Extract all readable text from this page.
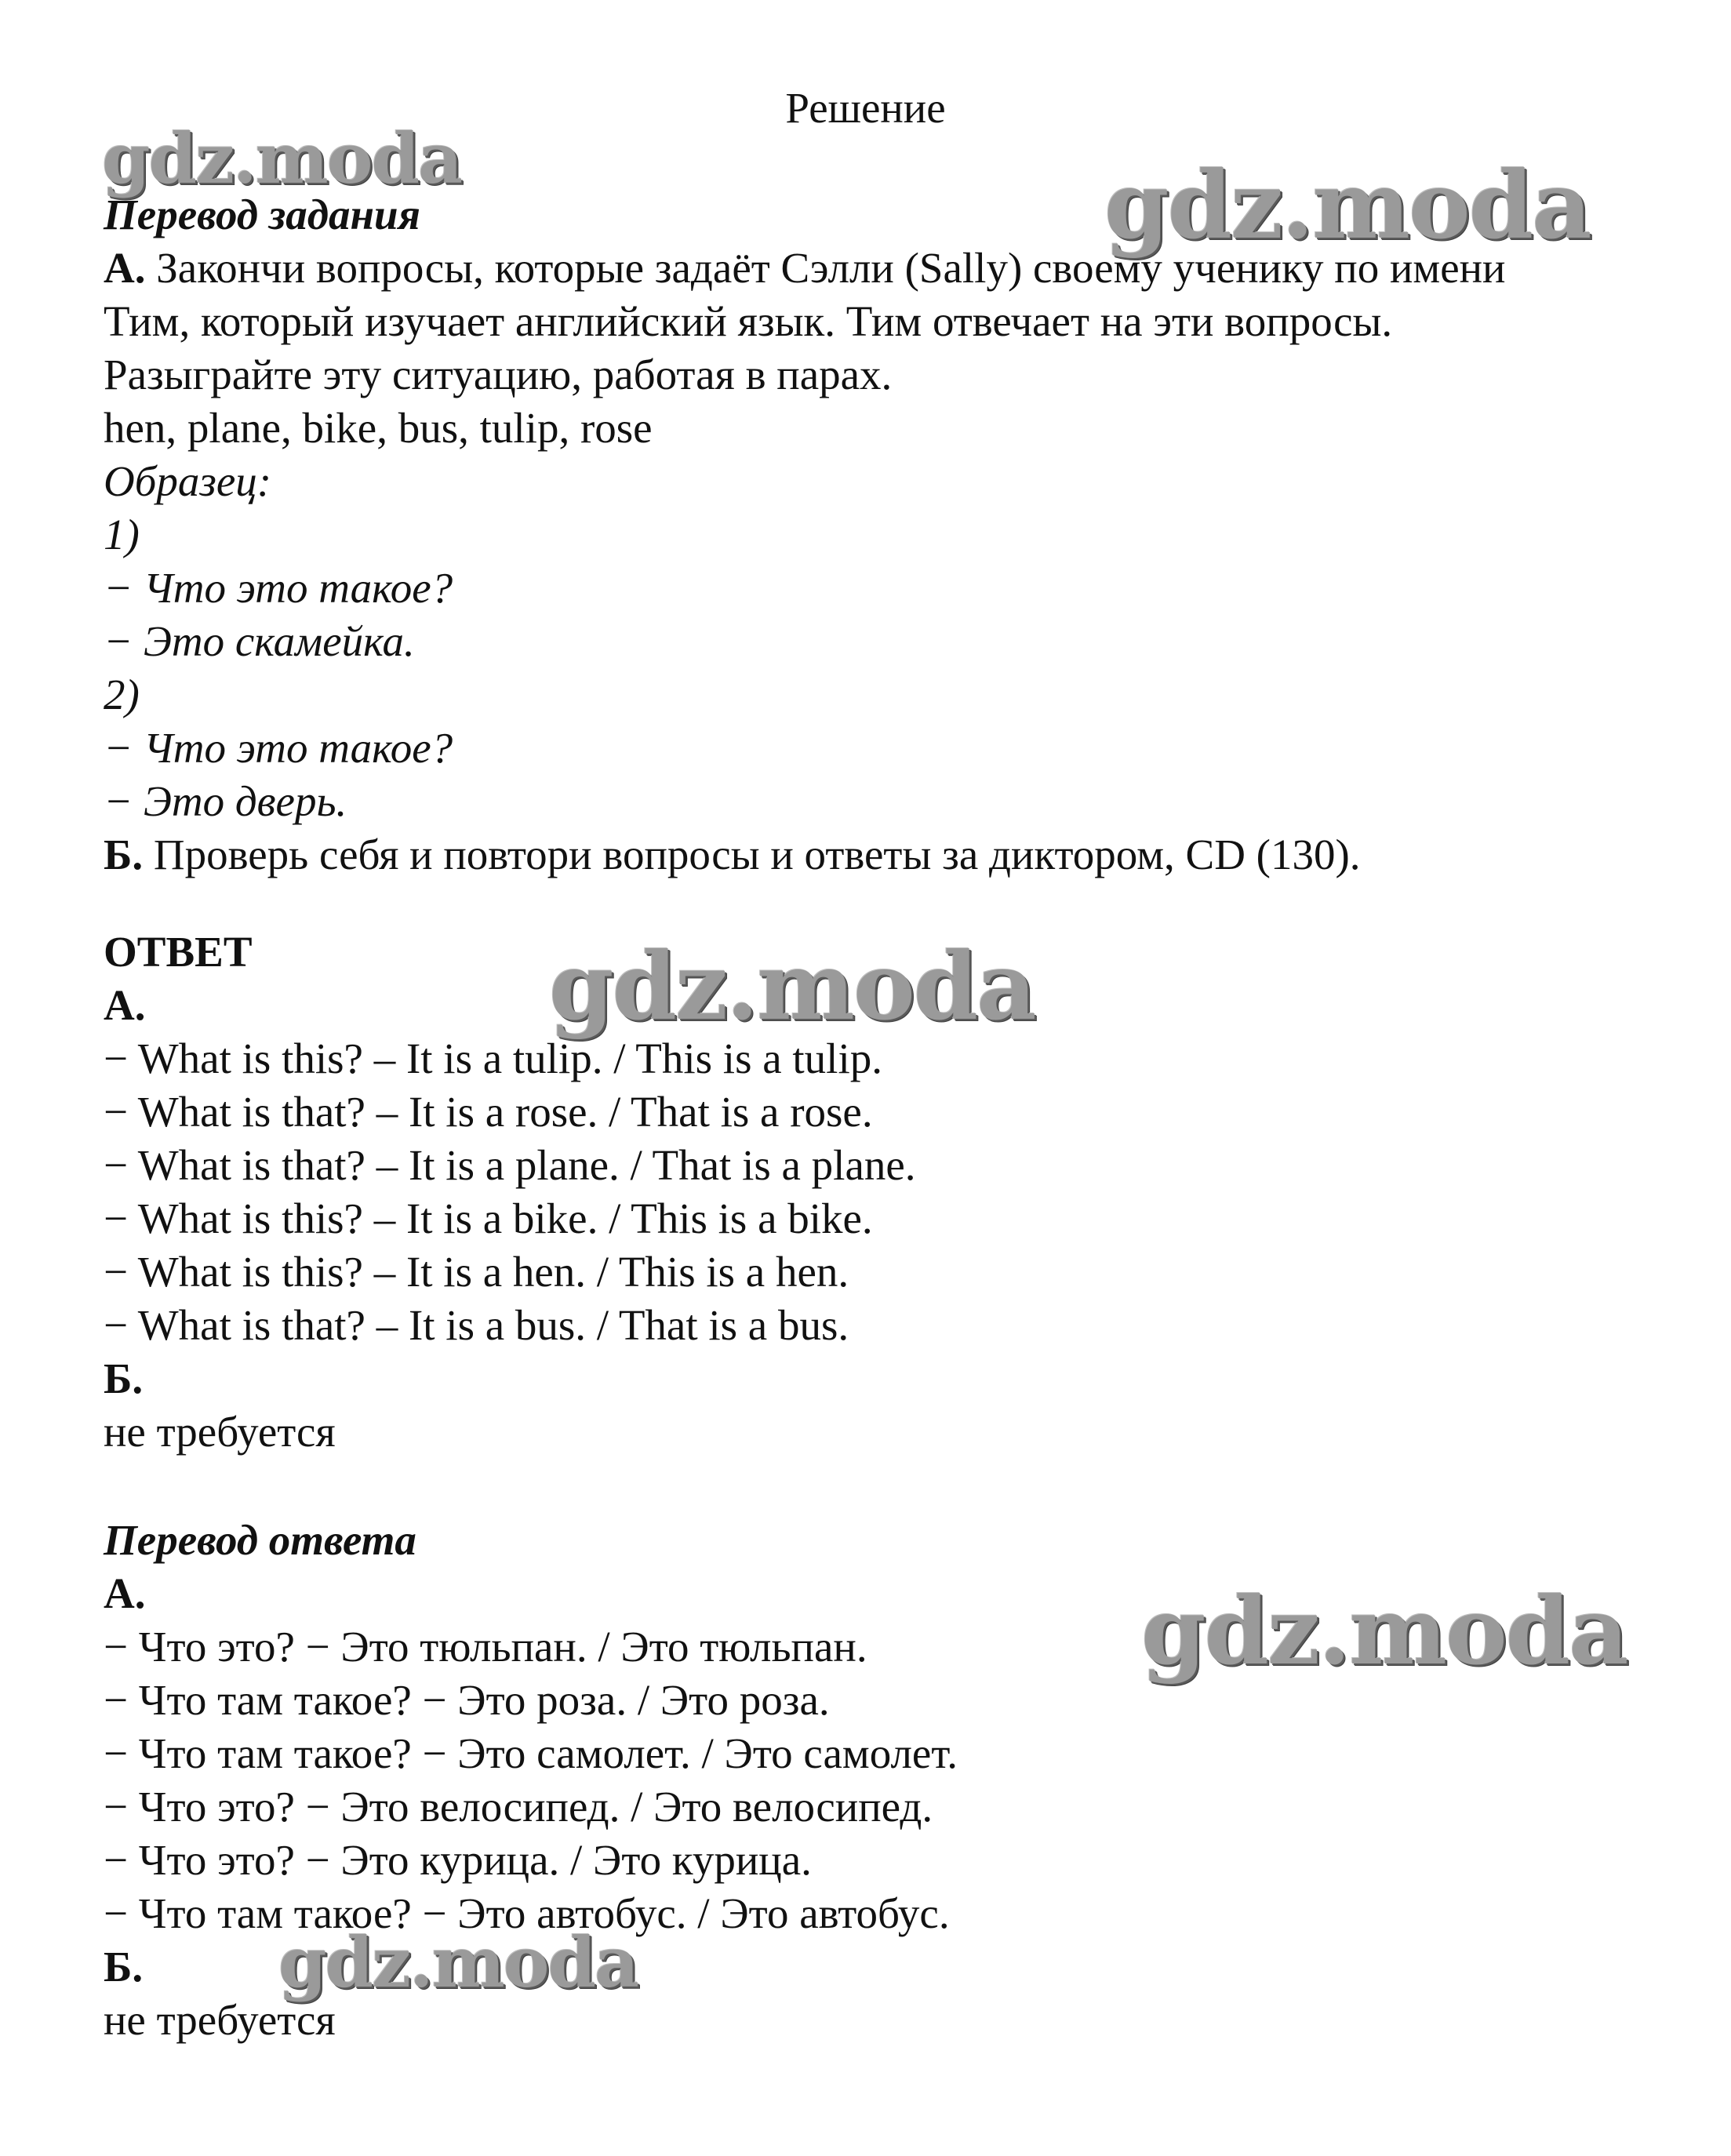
Решение
gdz.moda	gdz.moda
gdz.moda
gdz.moda
gdz.moda
Перевод задания
А. Закончи вопросы, которые задаёт Сэлли (Sally) своему ученику по имени
Тим, который изучает английский язык. Тим отвечает на эти вопросы.
Разыграйте эту ситуацию, работая в парах.
hen, plane, bike, bus, tulip, rose
Образец:
1)
− Что это такое?
− Это скамейка.
2)
− Что это такое?
− Это дверь.
Б. Проверь себя и повтори вопросы и ответы за диктором, CD (130).
ОТВЕТ
А.
− What is this? – It is a tulip. / This is a tulip.
− What is that? – It is a rose. / That is a rose.
− What is that? – It is a plane. / That is a plane.
− What is this? – It is a bike. / This is a bike.
− What is this? – It is a hen. / This is a hen.
− What is that? – It is a bus. / That is a bus.
Б.
не требуется
Перевод ответа
А.
− Что это? − Это тюльпан. / Это тюльпан.
− Что там такое? − Это роза. / Это роза.
− Что там такое? − Это самолет. / Это самолет.
− Что это? − Это велосипед. / Это велосипед.
− Что это? − Это курица. / Это курица.
− Что там такое? − Это автобус. / Это автобус.
Б.
не требуется
